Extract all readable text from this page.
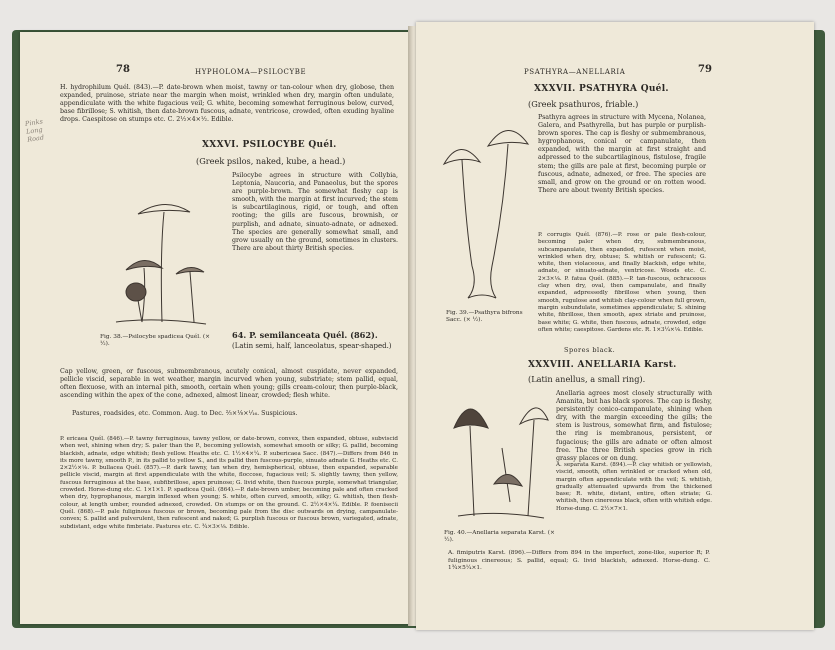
78	HYPHOLOMA—PSILOCYBE
Pinks Long Road
H. hydrophilum Quél. (843).—P. date-brown when moist, tawny or tan-colour when dry, globose, then expanded, pruinose, striate near the margin when moist, wrinkled when dry, margin often undulate, appendiculate with the white fugacious veil; G. white, becoming somewhat ferruginous below, curved, base fibrillose; S. whitish, then date-brown fuscous, adnate, ventricose, crowded, often exuding hyaline drops. Caespitose on stumps etc. C. 2½×4×½. Edible.
XXXVI. PSILOCYBE Quél.
(Greek psilos, naked, kube, a head.)
Psilocybe agrees in structure with Collybia, Leptonia, Naucoria, and Panaeolus, but the spores are purple-brown. The somewhat fleshy cap is smooth, with the margin at first incurved; the stem is subcartilaginous, rigid, or tough, and often rooting; the gills are fuscous, brownish, or purplish, and adnate, sinuato-adnate, or adnexed. The species are generally somewhat small, and grow usually on the ground, sometimes in clusters. There are about thirty British species.
Fig. 38.—Psilocybe spadicea Quél. (× ½).
64. P. semilanceata Quél. (862).
(Latin semi, half, lanceolatus, spear-shaped.)
Cap yellow, green, or fuscous, submembranous, acutely conical, almost cuspidate, never expanded, pellicle viscid, separable in wet weather, margin incurved when young, substriate; stem pallid, equal, often flexuose, with an internal pith, smooth, certain when young; gills cream-colour, then purple-black, ascending within the apex of the cone, adnexed, almost linear, crowded; flesh white.
Pastures, roadsides, etc. Common. Aug. to Dec. ⅔×⅛×¹⁄₁₆. Suspicious.
P. ericaea Quél. (846).—P. tawny ferruginous, tawny yellow, or date-brown, convex, then expanded, obtuse, subviscid when wet, shining when dry; S. paler than the P., becoming yellowish, somewhat smooth or silky; G. pallid, becoming blackish, adnate, edge whitish; flesh yellow. Heaths etc. C. 1½×4×¼. P. subericaea Sacc. (847).—Differs from 846 in its more tawny, smooth P., in its pallid to yellow S., and its pallid then fuscous-purple, sinuato adnate G. Heaths etc. C. 2×2½×⅛. P. bullacea Quél. (857).—P. dark tawny, tan when dry, hemispherical, obtuse, then expanded, separable pellicle viscid, margin at first appendiculate with the white, floccose, fugacious veil; S. slightly tawny, then yellow, fuscous ferruginous at the base, subfibrillose, apex pruinose; G. livid white, then fuscous purple, somewhat triangular, crowded. Horse-dung etc. C. 1×1×1. P. spadicea Quél. (864).—P. date-brown umber, becoming pale and often cracked when dry, hygrophanous, margin inflexed when young; S. white, often curved, smooth, silky; G. whitish, then flesh-colour, at length umber, rounded adnexed, crowded. On stumps or on the ground. C. 2½×4×¼. Edible. P. foenisecii Quél. (868).—P. pale fuliginous fuscous or brown, becoming pale from the disc outwards on drying, campanulate-convex; S. pallid and pulverulent, then rufescent and naked; G. purplish fuscous or fuscous brown, variegated, adnate, subdistant, edge white fimbriate. Pastures etc. C. ¾×3×⅛. Edible.
PSATHYRA—ANELLARIA	79
XXXVII. PSATHYRA Quél.
(Greek psathuros, friable.)
Psathyra agrees in structure with Mycena, Nolanea, Galera, and Psathyrella, but has purple or purplish-brown spores. The cap is fleshy or submembranous, hygrophanous, conical or campanulate, then expanded, with the margin at first straight and adpressed to the subcartilaginous, fistulose, fragile stem; the gills are pale at first, becoming purple or fuscous, adnate, adnexed, or free. The species are small, and grow on the ground or on rotten wood. There are about twenty British species.
Fig. 39.—Psathyra bifrons Sacc. (× ½).
P. corrugis Quél. (876).—P. rose or pale flesh-colour, becoming paler when dry, submembranous, subcampanulate, then expanded, rufescent when moist, wrinkled when dry, obtuse; S. whitish or rufescent; G. white, then violaceous, and finally blackish, edge white, adnate, or sinuato-adnate, ventricose. Woods etc. C. 2×3×⅛. P. fatua Quél. (885).—P. tan-fuscous, ochraceous clay when dry, oval, then campanulate, and finally expanded, adpressedly fibrillose when young, then smooth, rugulose and whitish clay-colour when full grown, margin subundulate, sometimes appendiculate; S. shining white, fibrillose, then smooth, apex striate and pruinose, base white; G. white, then fuscous, adnate, crowded, edge often white; caespitose. Gardens etc. R. 1×3¼×⅛. Edible.
Spores black.
XXXVIII. ANELLARIA Karst.
(Latin anellus, a small ring).
Anellaria agrees most closely structurally with Amanita, but has black spores. The cap is fleshy, persistently conico-campanulate, shining when dry, with the margin exceeding the gills; the stem is lustrous, somewhat firm, and fistulose; the ring is membranous, persistent, or fugacious; the gills are adnate or often almost free. The three British species grow in rich grassy places or on dung.
Fig. 40.—Anellaria separata Karst. (× ½).
A. separata Karst. (894).—P. clay whitish or yellowish, viscid, smooth, often wrinkled or cracked when old, margin often appendiculate with the veil; S. whitish, gradually attenuated upwards from the thickened base; R. white, distant, entire, often striate; G. whitish, then cinereous black, often with whitish edge. Horse-dung. C. 2½×7×1.
A. fimiputris Karst. (896).—Differs from 894 in the imperfect, zone-like, superior R; P. fuliginous cinereous; S. pallid, equal; G. livid blackish, adnexed. Horse-dung. C. 1¾×5¼×1.
